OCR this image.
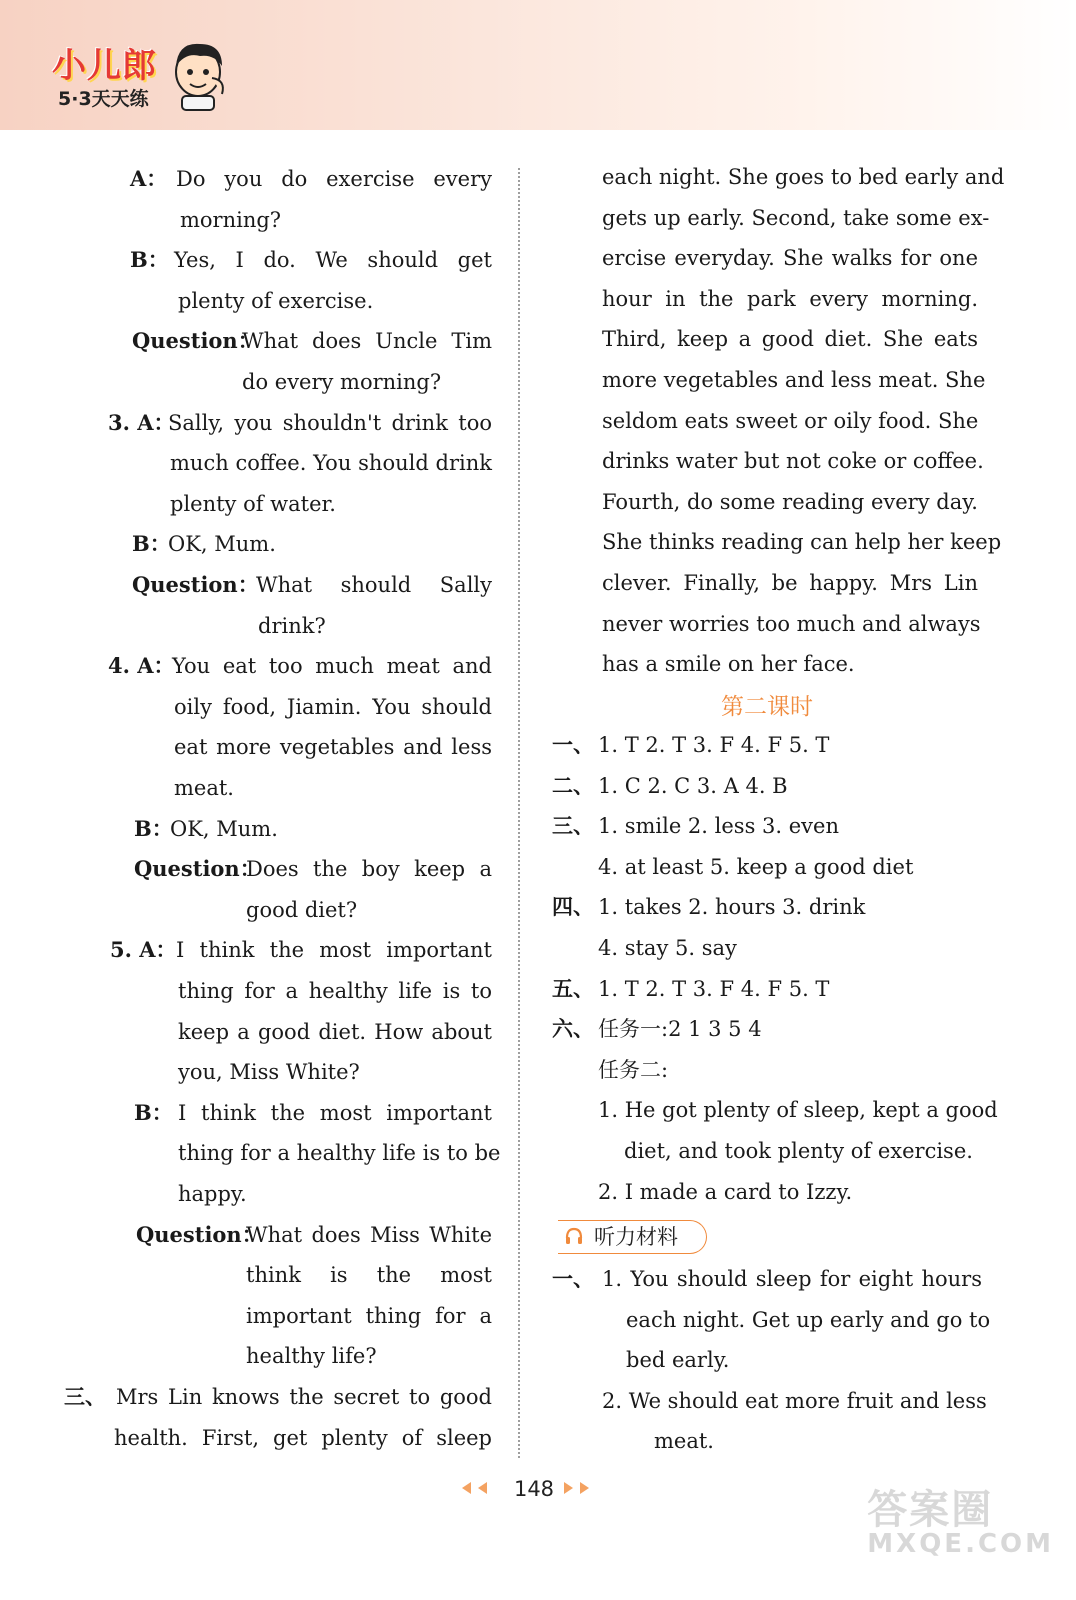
小儿郎
5·3天天练
A： Do you do exercise every
morning?
B： Yes, I do. We should get
plenty of exercise.
Question：What does Uncle Tim
do every morning?
3. A：Sally, you shouldn't drink too
much coffee. You should drink
plenty of water.
B：OK, Mum.
Question：What should Sally
drink?
4. A：You eat too much meat and
oily food, Jiamin. You should
eat more vegetables and less
meat.
B：OK, Mum.
Question：Does the boy keep a
good diet?
5. A：I think the most important
thing for a healthy life is to
keep a good diet. How about
you, Miss White?
B： I think the most important
thing for a healthy life is to be
happy.
Question：What does Miss White
think is the most
important thing for a
healthy life?
三、 Mrs Lin knows the secret to good
health. First, get plenty of sleep
第二课时
听力材料
each night. She goes to bed early and
gets up early. Second, take some ex-
ercise everyday. She walks for one
hour in the park every morning.
Third, keep a good diet. She eats
more vegetables and less meat. She
seldom eats sweet or oily food. She
drinks water but not coke or coffee.
Fourth, do some reading every day.
She thinks reading can help her keep
clever. Finally, be happy. Mrs Lin
never worries too much and always
has a smile on her face.
一、 1. T 2. T 3. F 4. F 5. T
二、 1. C 2. C 3. A 4. B
三、 1. smile 2. less 3. even
4. at least 5. keep a good diet
四、 1. takes 2. hours 3. drink
4. stay 5. say
五、 1. T 2. T 3. F 4. F 5. T
六、 任务一:2 1 3 5 4
任务二:
1. He got plenty of sleep, kept a good
diet, and took plenty of exercise.
2. I made a card to Izzy.
一、 1. You should sleep for eight hours
each night. Get up early and go to
bed early.
2. We should eat more fruit and less
meat.
148	答案圈
MXQE.COM
